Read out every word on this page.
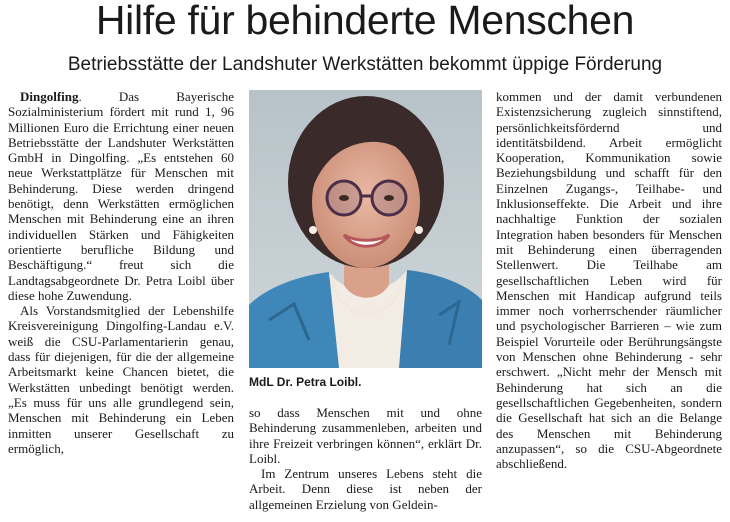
Hilfe für behinderte Menschen
Betriebsstätte der Landshuter Werkstätten bekommt üppige Förderung

Dingolfing. Das Bayerische Sozialministerium fördert mit rund 1, 96 Millionen Euro die Errichtung einer neuen Betriebsstätte der Landshuter Werkstätten GmbH in Dingolfing. „Es entstehen 60 neue Werkstattplätze für Menschen mit Behinderung. Diese werden dringend benötigt, denn Werkstätten ermöglichen Menschen mit Behinderung eine an ihren individuellen Stärken und Fähigkeiten orientierte berufliche Bildung und Beschäftigung.“ freut sich die Landtagsabgeordnete Dr. Petra Loibl über diese hohe Zuwendung.

Als Vorstandsmitglied der Lebenshilfe Kreisvereinigung Dingolfing-Landau e.V. weiß die CSU-Parlamentarierin genau, dass für diejenigen, für die der allgemeine Arbeitsmarkt keine Chancen bietet, die Werkstätten unbedingt benötigt werden. „Es muss für uns alle grundlegend sein, Menschen mit Behinderung ein Leben inmitten unserer Gesellschaft zu ermöglich,

MdL Dr. Petra Loibl.

so dass Menschen mit und ohne Behinderung zusammenleben, arbeiten und ihre Freizeit verbringen können“, erklärt Dr. Loibl.

Im Zentrum unseres Lebens steht die Arbeit. Denn diese ist neben der allgemeinen Erzielung von Geldein-

kommen und der damit verbundenen Existenzsicherung zugleich sinnstiftend, persönlichkeitsfördernd und identitätsbildend. Arbeit ermöglicht Kooperation, Kommunikation sowie Beziehungsbildung und schafft für den Einzelnen Zugangs-, Teilhabe- und Inklusionseffekte. Die Arbeit und ihre nachhaltige Funktion der sozialen Integration haben besonders für Menschen mit Behinderung einen überragenden Stellenwert. Die Teilhabe am gesellschaftlichen Leben wird für Menschen mit Handicap aufgrund teils immer noch vorherrschender räumlicher und psychologischer Barrieren – wie zum Beispiel Vorurteile oder Berührungsängste von Menschen ohne Behinderung - sehr erschwert. „Nicht mehr der Mensch mit Behinderung hat sich an die gesellschaftlichen Gegebenheiten, sondern die Gesellschaft hat sich an die Belange des Menschen mit Behinderung anzupassen“, so die CSU-Abgeordnete abschließend.
